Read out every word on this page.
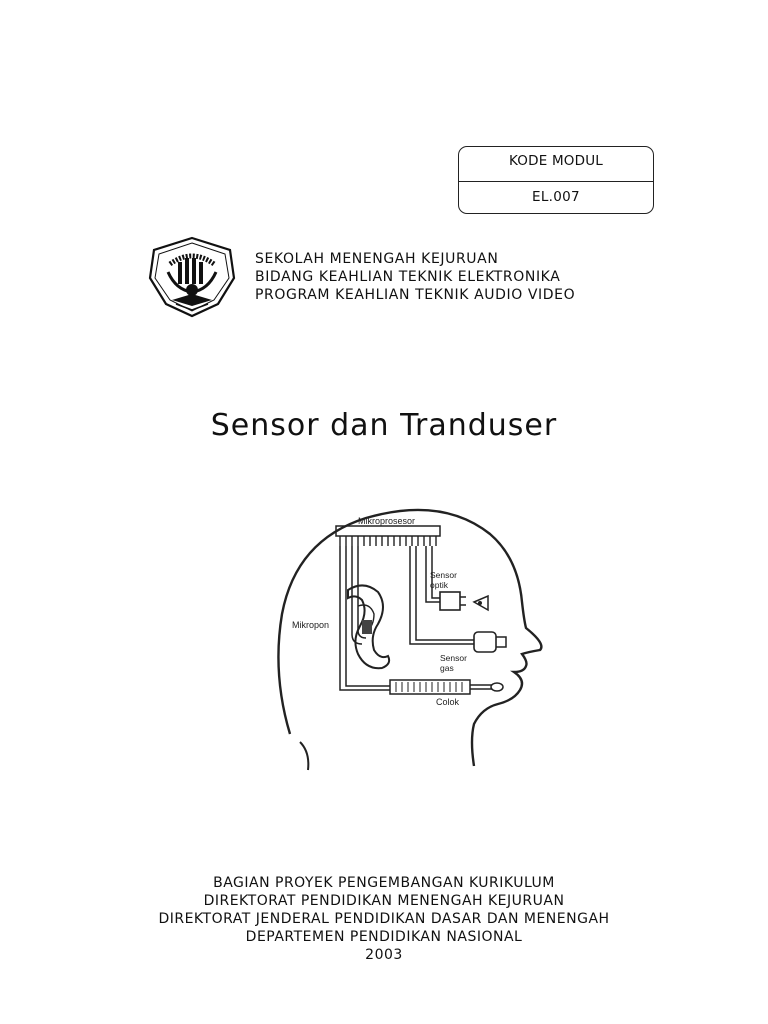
KODE MODUL
EL.007
SEKOLAH MENENGAH KEJURUAN
BIDANG KEAHLIAN TEKNIK ELEKTRONIKA
PROGRAM KEAHLIAN TEKNIK AUDIO VIDEO
Sensor dan Tranduser
Mikroprosesor
Sensor
optik
Mikropon
Sensor
gas
Colok
BAGIAN PROYEK PENGEMBANGAN KURIKULUM
DIREKTORAT PENDIDIKAN MENENGAH KEJURUAN
DIREKTORAT JENDERAL PENDIDIKAN DASAR DAN MENENGAH
DEPARTEMEN PENDIDIKAN NASIONAL
2003
